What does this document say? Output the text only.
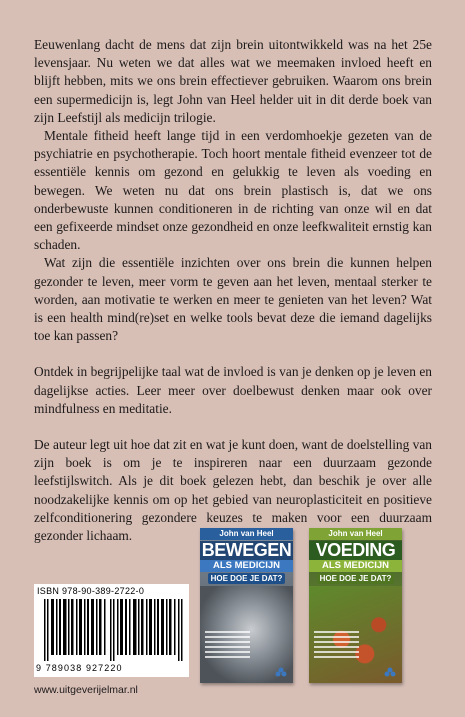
Eeuwenlang dacht de mens dat zijn brein uitontwikkeld was na het 25e levensjaar. Nu weten we dat alles wat we meemaken invloed heeft en blijft hebben, mits we ons brein effectiever gebruiken. Waarom ons brein een supermedicijn is, legt John van Heel helder uit in dit derde boek van zijn Leefstijl als medicijn trilogie.

Mentale fitheid heeft lange tijd in een verdomhoekje gezeten van de psychiatrie en psychotherapie. Toch hoort mentale fitheid evenzeer tot de essentiële kennis om gezond en gelukkig te leven als voeding en bewegen. We weten nu dat ons brein plastisch is, dat we ons onderbewuste kunnen conditioneren in de richting van onze wil en dat een gefixeerde mindset onze gezondheid en onze leefkwaliteit ernstig kan schaden.

Wat zijn die essentiële inzichten over ons brein die kunnen helpen gezonder te leven, meer vorm te geven aan het leven, mentaal sterker te worden, aan motivatie te werken en meer te genieten van het leven? Wat is een health mind(re)set en welke tools bevat deze die iemand dagelijks toe kan passen?

Ontdek in begrijpelijke taal wat de invloed is van je denken op je leven en dagelijkse acties. Leer meer over doelbewust denken maar ook over mindfulness en meditatie.

De auteur legt uit hoe dat zit en wat je kunt doen, want de doelstelling van zijn boek is om je te inspireren naar een duurzaam gezonde leefstijlswitch. Als je dit boek gelezen hebt, dan beschik je over alle noodzakelijke kennis om op het gebied van neuroplasticiteit en positieve zelfconditionering gezondere keuzes te maken voor een duurzaam gezonder lichaam.

ISBN 978-90-389-2722-0
9 789038 927220
John van Heel
BEWEGEN
ALS MEDICIJN
HOE DOE JE DAT?
John van Heel
VOEDING
ALS MEDICIJN
HOE DOE JE DAT?
www.uitgeverijelmar.nl
